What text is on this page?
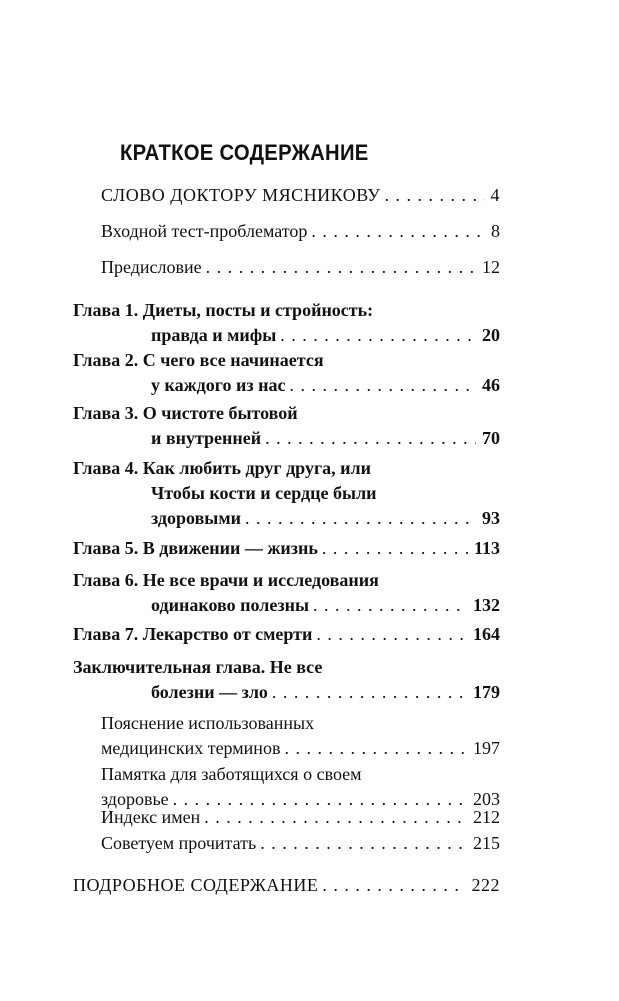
КРАТКОЕ СОДЕРЖАНИЕ
СЛОВО ДОКТОРУ МЯСНИКОВУ . . .	4
Входной тест-проблематор . . .	8
Предисловие . . .	12
Глава 1. Диеты, посты и стройность:
правда и мифы . . .	20
Глава 2. С чего все начинается
у каждого из нас . . .	46
Глава 3. О чистоте бытовой
и внутренней . . .	70
Глава 4. Как любить друг друга, или
Чтобы кости и сердце были
здоровыми . . .	93
Глава 5. В движении — жизнь . . .	113
Глава 6. Не все врачи и исследования
одинаково полезны . . .	132
Глава 7. Лекарство от смерти . . .	164
Заключительная глава. Не все
болезни — зло . . .	179
Пояснение использованных
медицинских терминов . . .	197
Памятка для заботящихся о своем
здоровье . . .	203
Индекс имен . . .	212
Советуем прочитать . . .	215
ПОДРОБНОЕ СОДЕРЖАНИЕ . . .	222
